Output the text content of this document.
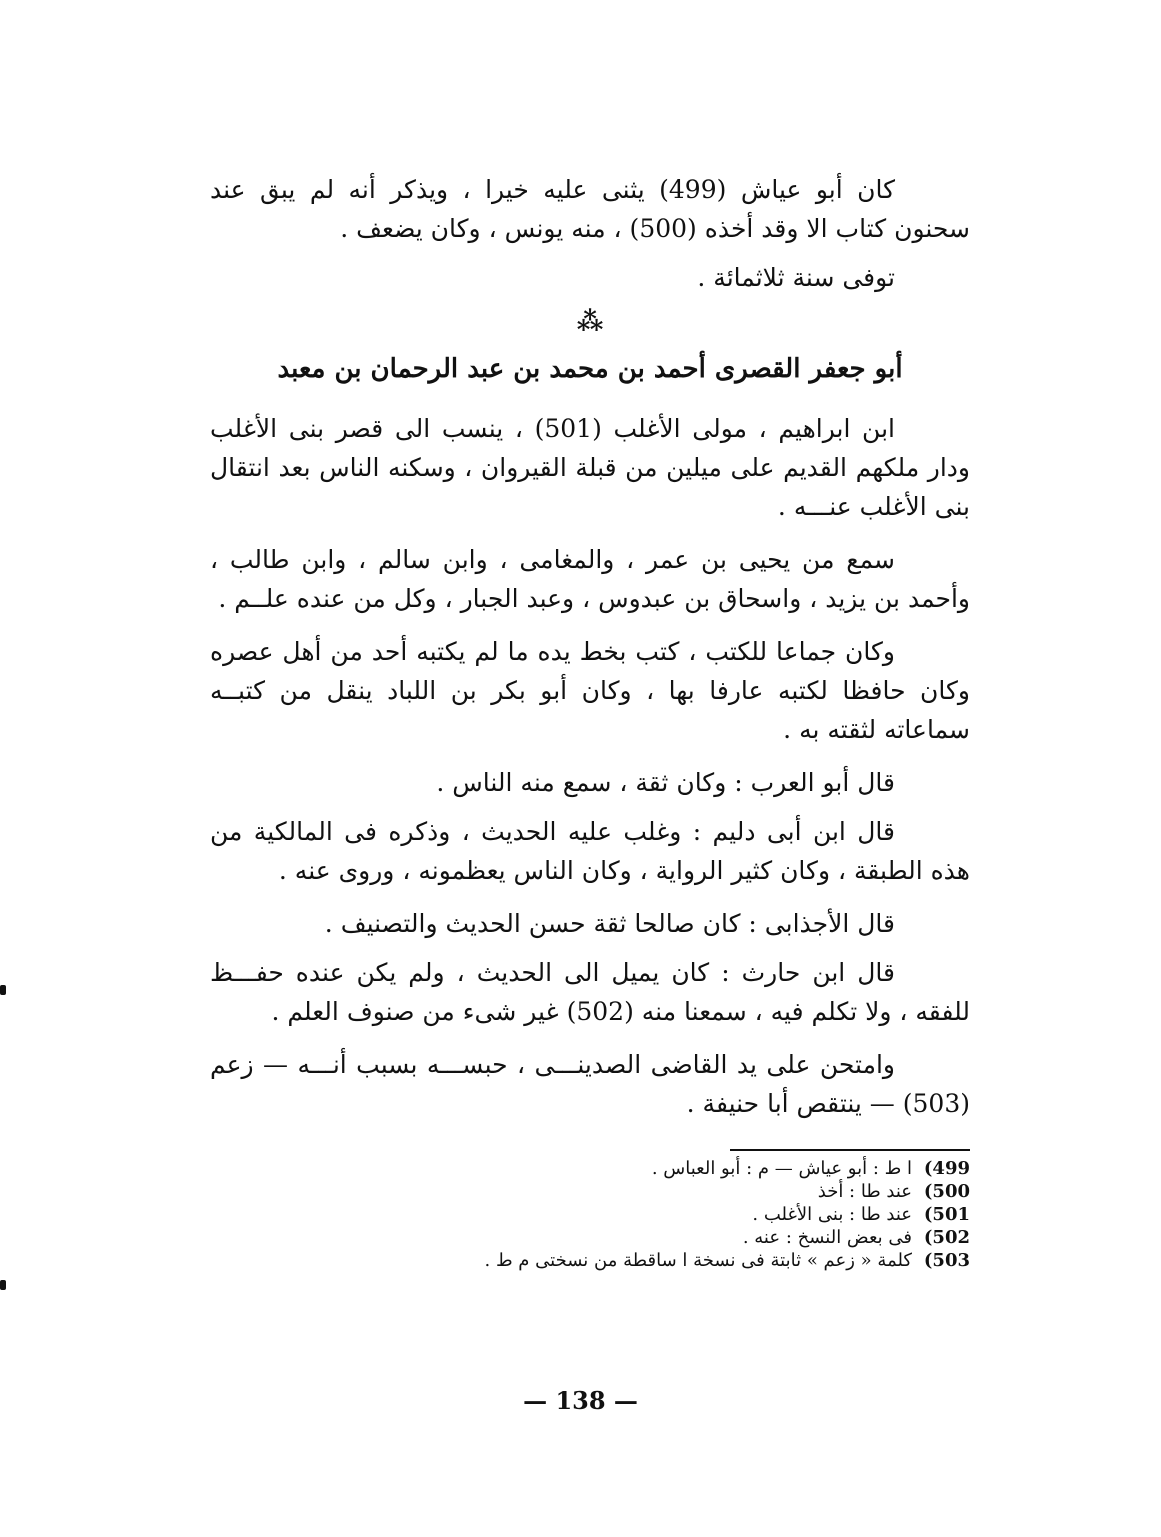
كان أبو عياش (499) يثنى عليه خيرا ، ويذكر أنه لم يبق عند سحنون كتاب الا وقد أخذه (500) ، منه يونس ، وكان يضعف .

توفى سنة ثلاثمائة .

⁂
أبو جعفر القصرى أحمد بن محمد بن عبد الرحمان بن معبد

ابن ابراهيم ، مولى الأغلب (501) ، ينسب الى قصر بنى الأغلب ودار ملكهم القديم على ميلين من قبلة القيروان ، وسكنه الناس بعد انتقال بنى الأغلب عنـــه .

سمع من يحيى بن عمر ، والمغامى ، وابن سالم ، وابن طالب ، وأحمد بن يزيد ، واسحاق بن عبدوس ، وعبد الجبار ، وكل من عنده علــم .

وكان جماعا للكتب ، كتب بخط يده ما لم يكتبه أحد من أهل عصره وكان حافظا لكتبه عارفا بها ، وكان أبو بكر بن اللباد ينقل من كتبــه سماعاته لثقته به .

قال أبو العرب : وكان ثقة ، سمع منه الناس .

قال ابن أبى دليم : وغلب عليه الحديث ، وذكره فى المالكية من هذه الطبقة ، وكان كثير الرواية ، وكان الناس يعظمونه ، وروى عنه .

قال الأجذابى : كان صالحا ثقة حسن الحديث والتصنيف .

قال ابن حارث : كان يميل الى الحديث ، ولم يكن عنده حفـــظ للفقه ، ولا تكلم فيه ، سمعنا منه (502) غير شىء من صنوف العلم .

وامتحن على يد القاضى الصدينـــى ، حبســـه بسبب أنـــه — زعم (503) — ينتقص أبا حنيفة .

(499
ا ط : أبو عياش — م : أبو العباس .
(500
عند طا : أخذ
(501
عند طا : بنى الأغلب .
(502
فى بعض النسخ : عنه .
(503
كلمة « زعم » ثابتة فى نسخة ا ساقطة من نسختى م ط .
— 138 —
